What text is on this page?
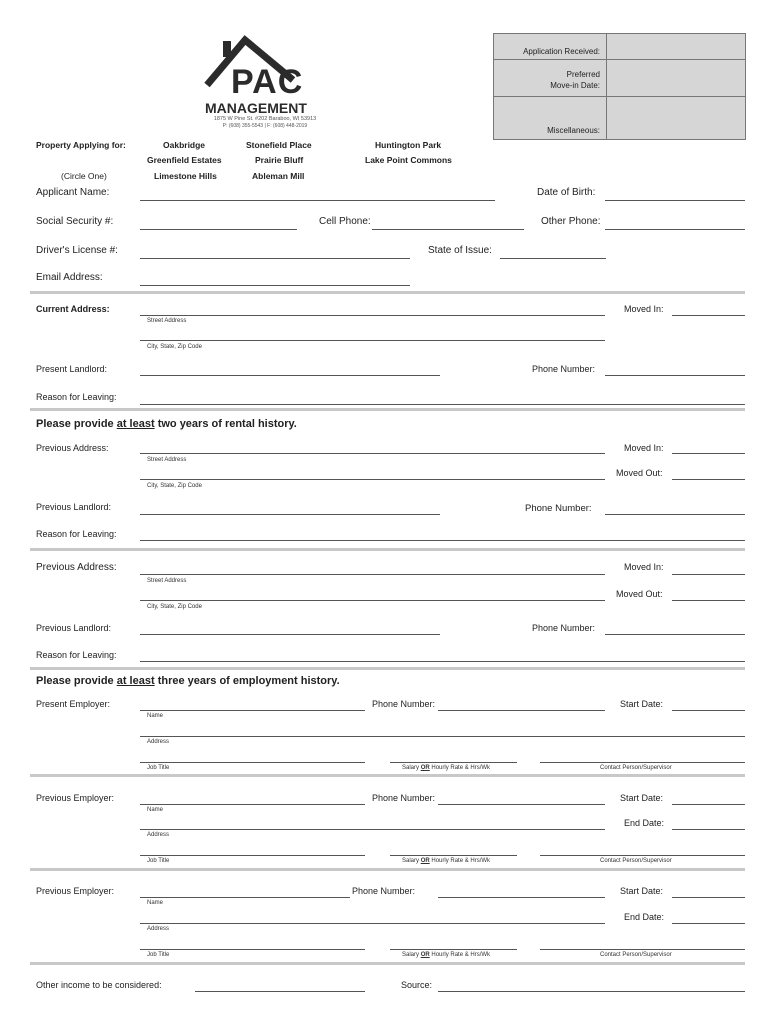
PAC
MANAGEMENT
1875 W Pine St. #202 Baraboo, WI 53913
P: (608) 355-5543 | F: (608) 448-2019
Application Received:
Preferred
Move-in Date:
Miscellaneous:
Property Applying for:
(Circle One)
Oakbridge	Stonefield Place	Huntington Park
Greenfield Estates	Prairie Bluff	Lake Point Commons
Limestone Hills	Ableman Mill
Applicant Name:	Date of Birth:
Social Security #:	Cell Phone:	Other Phone:
Driver's License #:	State of Issue:
Email Address:
Current Address:
Street Address
Moved In:
City, State, Zip Code
Present Landlord:	Phone Number:
Reason for Leaving:
Please provide at least two years of rental history.
Previous Address:
Street Address
Moved In:
Moved Out:
City, State, Zip Code
Previous Landlord:	Phone Number:
Reason for Leaving:
Previous Address:
Street Address
Moved In:
Moved Out:
City, State, Zip Code
Previous Landlord:	Phone Number:
Reason for Leaving:
Please provide at least three years of employment history.
Present Employer:
Name
Phone Number:	Start Date:
Address
Job Title	Salary OR Hourly Rate & Hrs/Wk	Contact Person/Supervisor
Previous Employer:
Name
Phone Number:	Start Date:
End Date:
Address
Job Title	Salary OR Hourly Rate & Hrs/Wk	Contact Person/Supervisor
Previous Employer:
Name
Phone Number:	Start Date:
End Date:
Address
Job Title	Salary OR Hourly Rate & Hrs/Wk	Contact Person/Supervisor
Other income to be considered:	Source:
